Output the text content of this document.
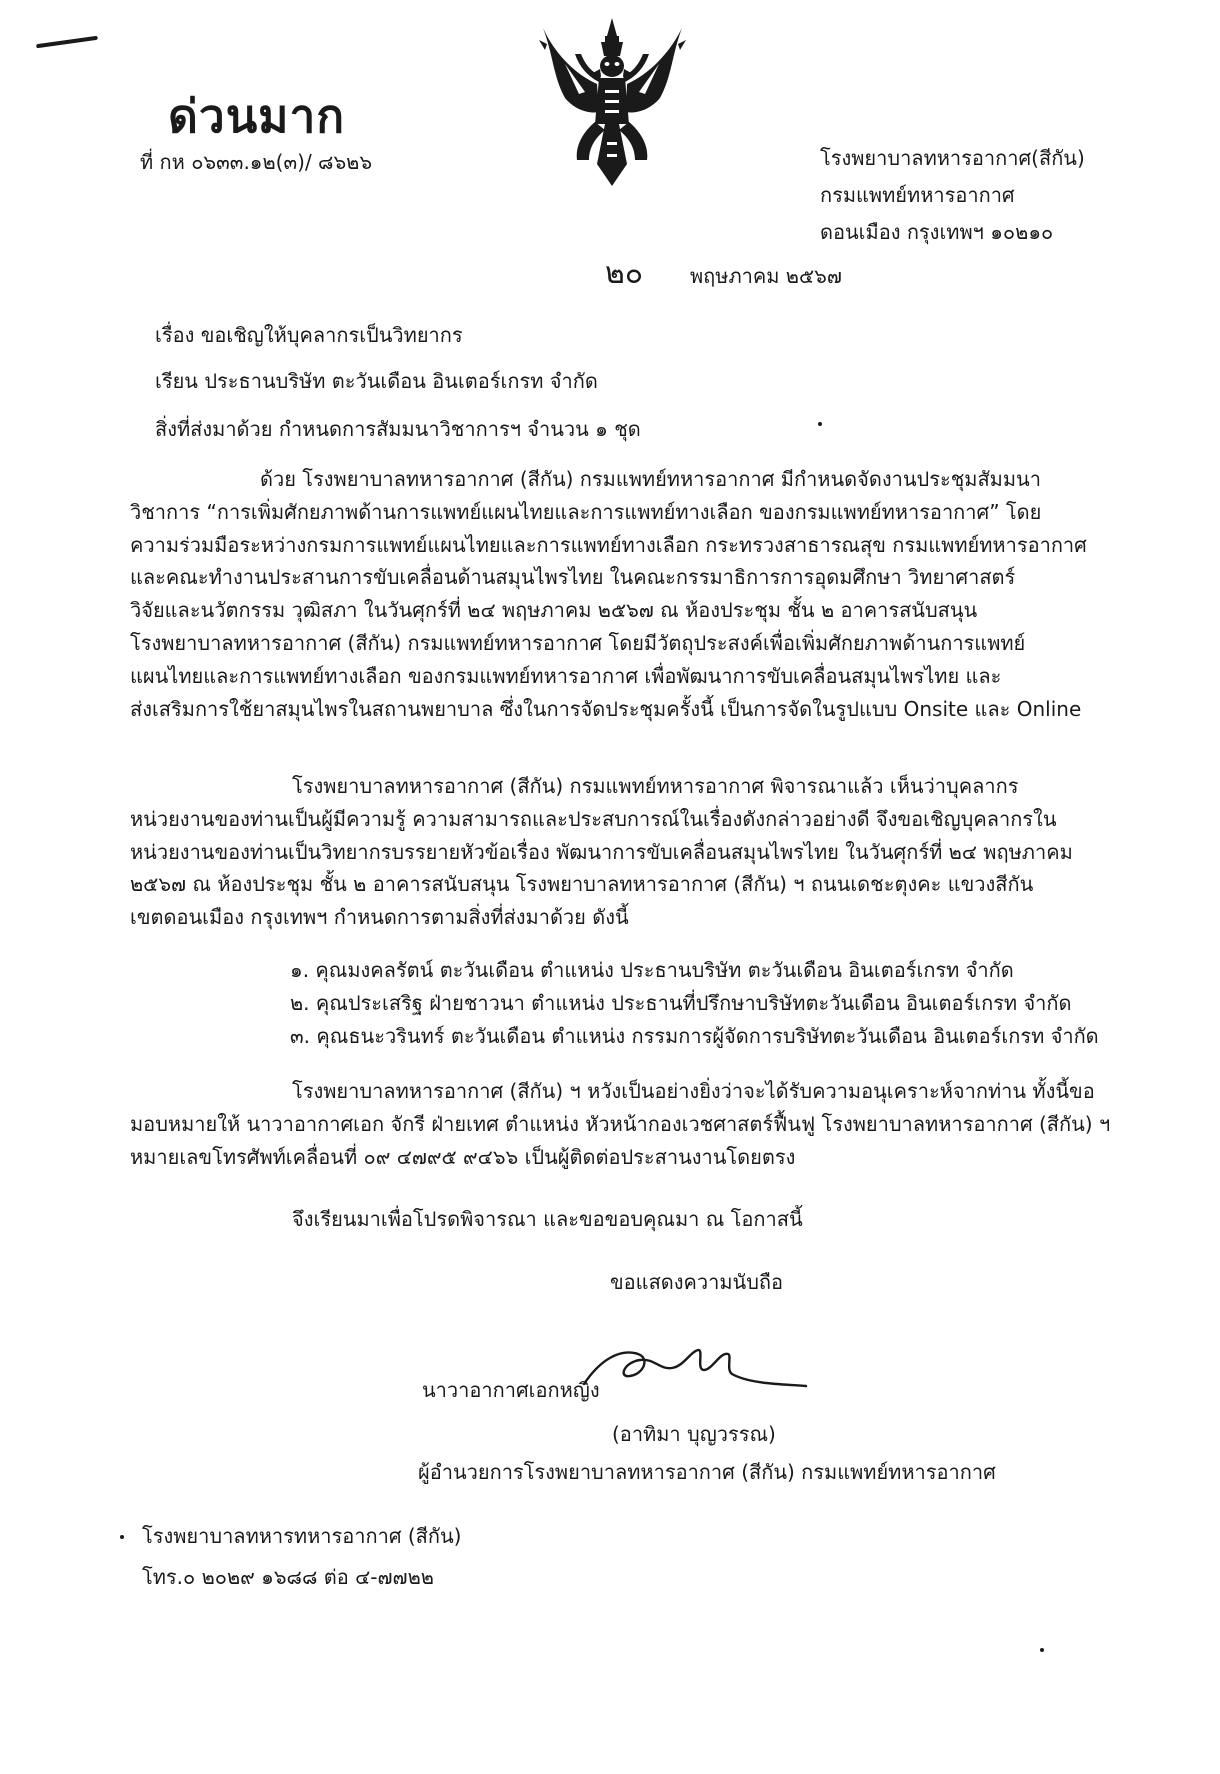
ด่วนมาก
ที่ กห ๐๖๓๓.๑๒(๓)/ ๘๖๒๖	โรงพยาบาลทหารอากาศ(สีกัน)
กรมแพทย์ทหารอากาศ
ดอนเมือง กรุงเทพฯ ๑๐๒๑๐
๒๐ พฤษภาคม ๒๕๖๗
เรื่อง ขอเชิญให้บุคลากรเป็นวิทยากร
เรียน ประธานบริษัท ตะวันเดือน อินเตอร์เกรท จำกัด
สิ่งที่ส่งมาด้วย กำหนดการสัมมนาวิชาการฯ จำนวน ๑ ชุด
ด้วย โรงพยาบาลทหารอากาศ (สีกัน) กรมแพทย์ทหารอากาศ มีกำหนดจัดงานประชุมสัมมนา
วิชาการ “การเพิ่มศักยภาพด้านการแพทย์แผนไทยและการแพทย์ทางเลือก ของกรมแพทย์ทหารอากาศ” โดย
ความร่วมมือระหว่างกรมการแพทย์แผนไทยและการแพทย์ทางเลือก กระทรวงสาธารณสุข กรมแพทย์ทหารอากาศ
และคณะทำงานประสานการขับเคลื่อนด้านสมุนไพรไทย ในคณะกรรมาธิการการอุดมศึกษา วิทยาศาสตร์
วิจัยและนวัตกรรม วุฒิสภา ในวันศุกร์ที่ ๒๔ พฤษภาคม ๒๕๖๗ ณ ห้องประชุม ชั้น ๒ อาคารสนับสนุน
โรงพยาบาลทหารอากาศ (สีกัน) กรมแพทย์ทหารอากาศ โดยมีวัตถุประสงค์เพื่อเพิ่มศักยภาพด้านการแพทย์
แผนไทยและการแพทย์ทางเลือก ของกรมแพทย์ทหารอากาศ เพื่อพัฒนาการขับเคลื่อนสมุนไพรไทย และ
ส่งเสริมการใช้ยาสมุนไพรในสถานพยาบาล ซึ่งในการจัดประชุมครั้งนี้ เป็นการจัดในรูปแบบ Onsite และ Online
โรงพยาบาลทหารอากาศ (สีกัน) กรมแพทย์ทหารอากาศ พิจารณาแล้ว เห็นว่าบุคลากร
หน่วยงานของท่านเป็นผู้มีความรู้ ความสามารถและประสบการณ์ในเรื่องดังกล่าวอย่างดี จึงขอเชิญบุคลากรใน
หน่วยงานของท่านเป็นวิทยากรบรรยายหัวข้อเรื่อง พัฒนาการขับเคลื่อนสมุนไพรไทย ในวันศุกร์ที่ ๒๔ พฤษภาคม
๒๕๖๗ ณ ห้องประชุม ชั้น ๒ อาคารสนับสนุน โรงพยาบาลทหารอากาศ (สีกัน) ฯ ถนนเดชะตุงคะ แขวงสีกัน
เขตดอนเมือง กรุงเทพฯ กำหนดการตามสิ่งที่ส่งมาด้วย ดังนี้
๑. คุณมงคลรัตน์ ตะวันเดือน ตำแหน่ง ประธานบริษัท ตะวันเดือน อินเตอร์เกรท จำกัด
๒. คุณประเสริฐ ฝ่ายชาวนา ตำแหน่ง ประธานที่ปรึกษาบริษัทตะวันเดือน อินเตอร์เกรท จำกัด
๓. คุณธนะวรินทร์ ตะวันเดือน ตำแหน่ง กรรมการผู้จัดการบริษัทตะวันเดือน อินเตอร์เกรท จำกัด
โรงพยาบาลทหารอากาศ (สีกัน) ฯ หวังเป็นอย่างยิ่งว่าจะได้รับความอนุเคราะห์จากท่าน ทั้งนี้ขอ
มอบหมายให้ นาวาอากาศเอก จักรี ฝ่ายเทศ ตำแหน่ง หัวหน้ากองเวชศาสตร์ฟื้นฟู โรงพยาบาลทหารอากาศ (สีกัน) ฯ
หมายเลขโทรศัพท์เคลื่อนที่ ๐๙ ๔๗๙๕ ๙๔๖๖ เป็นผู้ติดต่อประสานงานโดยตรง
จึงเรียนมาเพื่อโปรดพิจารณา และขอขอบคุณมา ณ โอกาสนี้
ขอแสดงความนับถือ
นาวาอากาศเอกหญิง
(อาทิมา บุญวรรณ)
ผู้อำนวยการโรงพยาบาลทหารอากาศ (สีกัน) กรมแพทย์ทหารอากาศ
โรงพยาบาลทหารทหารอากาศ (สีกัน)
โทร.๐ ๒๐๒๙ ๑๖๘๘ ต่อ ๔-๗๗๒๒
